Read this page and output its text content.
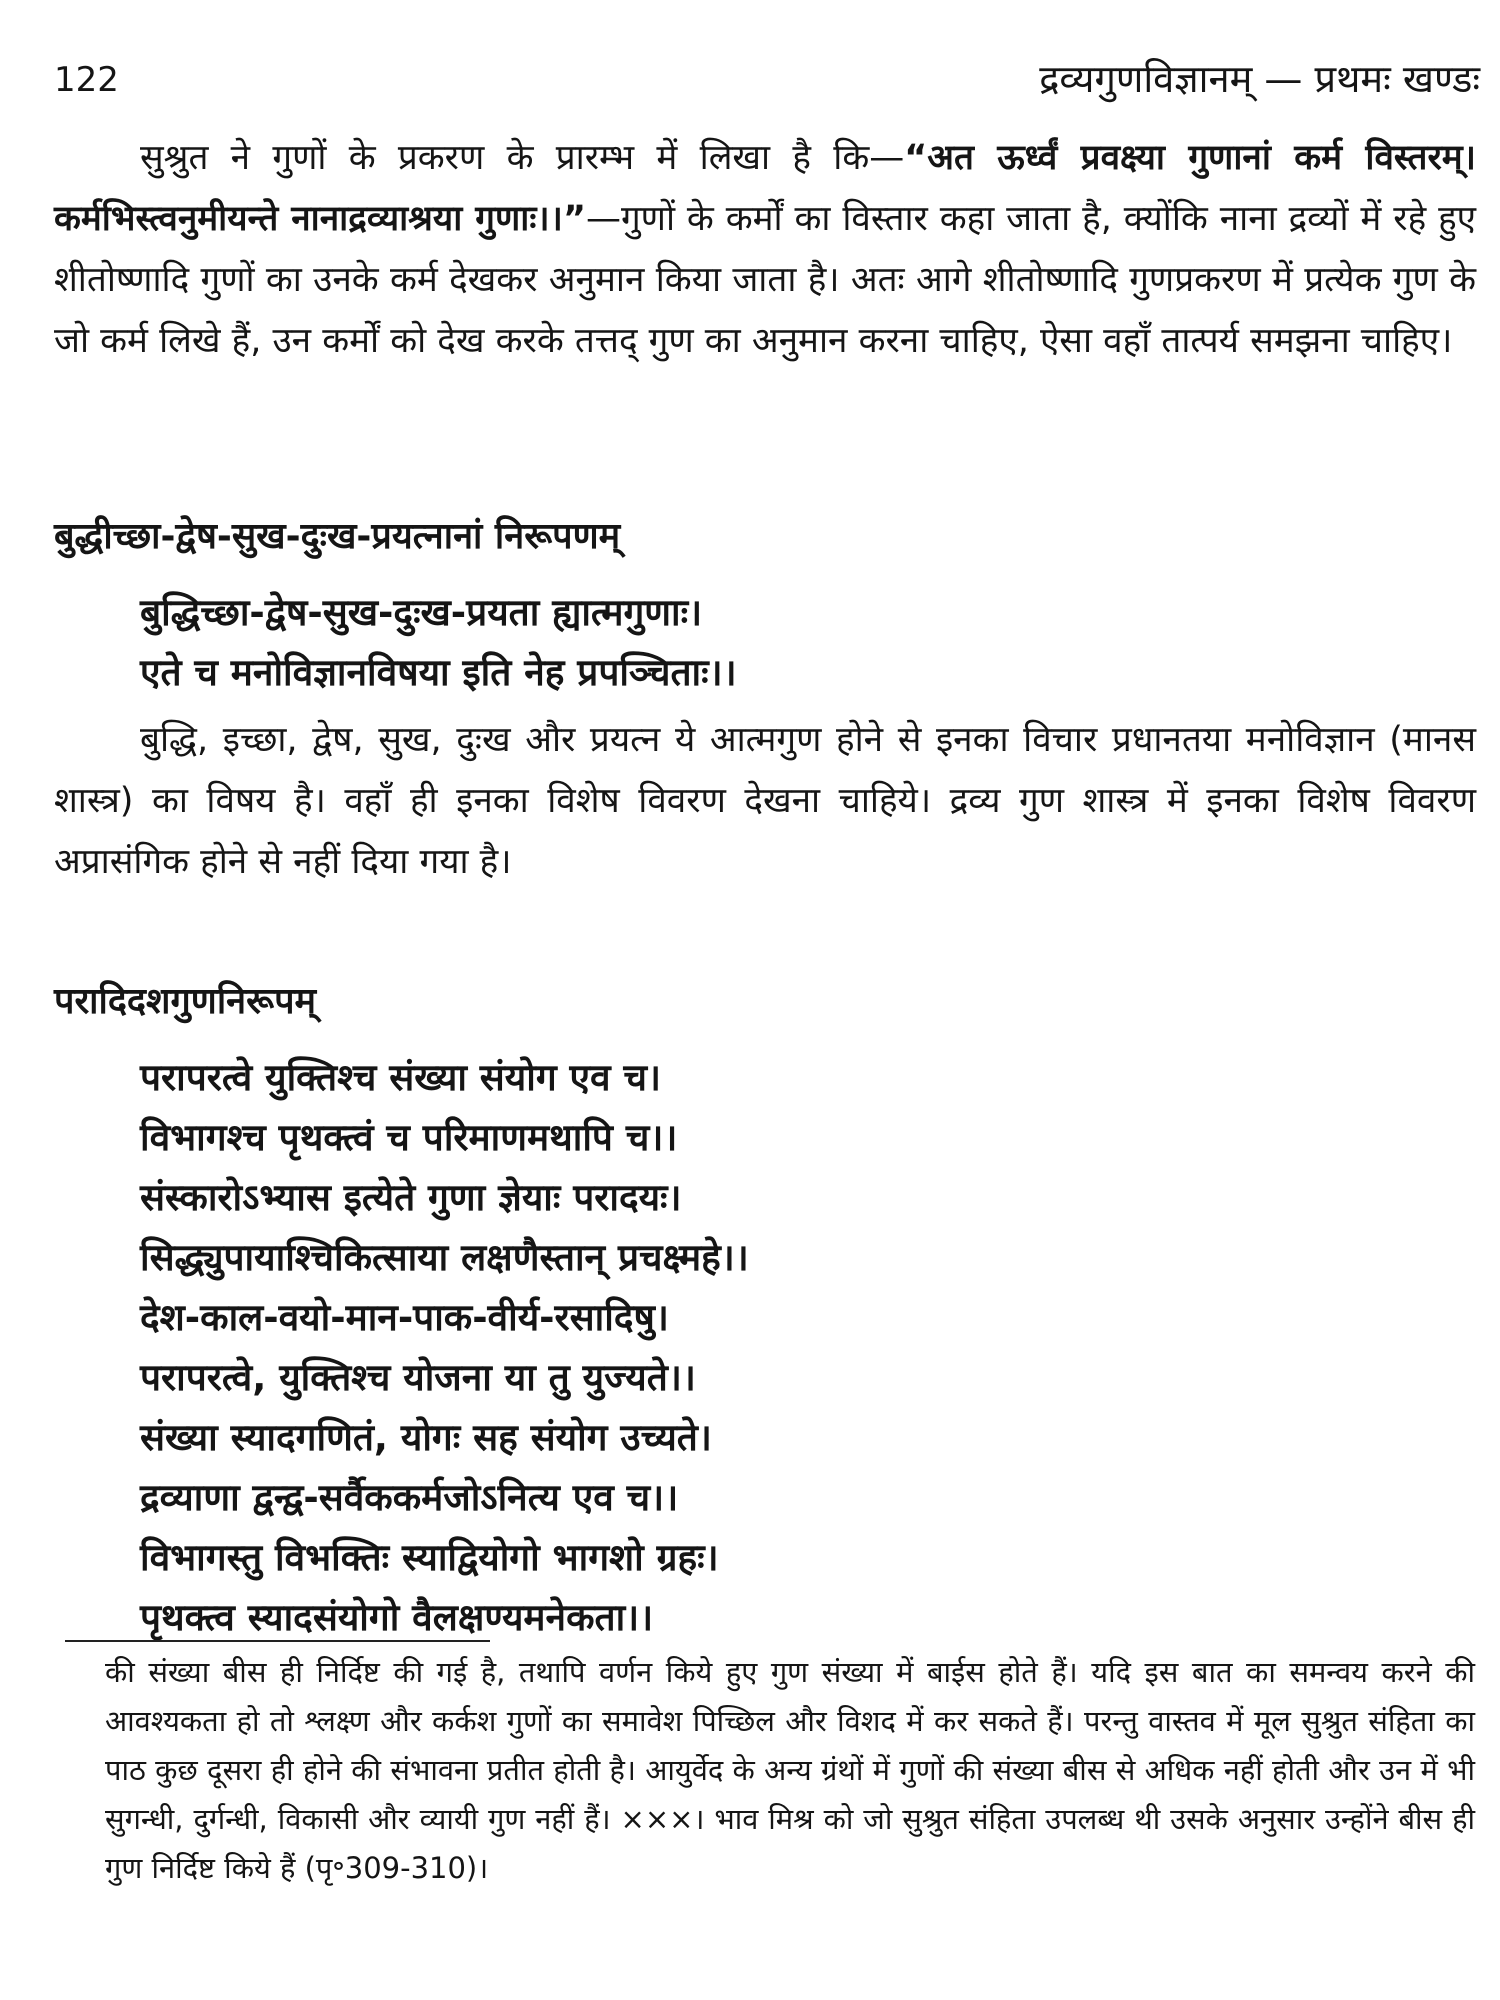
122	द्रव्यगुणविज्ञानम् — प्रथमः खण्डः

सुश्रुत ने गुणों के प्रकरण के प्रारम्भ में लिखा है कि—“अत ऊर्ध्वं प्रवक्ष्या गुणानां कर्म विस्तरम्। कर्मभिस्त्वनुमीयन्ते नानाद्रव्याश्रया गुणाः।।”—गुणों के कर्मों का विस्तार कहा जाता है, क्योंकि नाना द्रव्यों में रहे हुए शीतोष्णादि गुणों का उनके कर्म देखकर अनुमान किया जाता है। अतः आगे शीतोष्णादि गुणप्रकरण में प्रत्येक गुण के जो कर्म लिखे हैं, उन कर्मों को देख करके तत्तद् गुण का अनुमान करना चाहिए, ऐसा वहाँ तात्पर्य समझना चाहिए।

बुद्धीच्छा-द्वेष-सुख-दुःख-प्रयत्नानां निरूपणम्
बुद्धिच्छा-द्वेष-सुख-दुःख-प्रयता ह्यात्मगुणाः।
एते च मनोविज्ञानविषया इति नेह प्रपञ्चिताः।।

बुद्धि, इच्छा, द्वेष, सुख, दुःख और प्रयत्न ये आत्मगुण होने से इनका विचार प्रधानतया मनोविज्ञान (मानस शास्त्र) का विषय है। वहाँ ही इनका विशेष विवरण देखना चाहिये। द्रव्य गुण शास्त्र में इनका विशेष विवरण अप्रासंगिक होने से नहीं दिया गया है।

परादिदशगुणनिरूपम्
परापरत्वे युक्तिश्च संख्या संयोग एव च।
विभागश्च पृथक्त्वं च परिमाणमथापि च।।
संस्कारोऽभ्यास इत्येते गुणा ज्ञेयाः परादयः।
सिद्ध्युपायाश्चिकित्साया लक्षणैस्तान् प्रचक्ष्महे।।
देश-काल-वयो-मान-पाक-वीर्य-रसादिषु।
परापरत्वे, युक्तिश्च योजना या तु युज्यते।।
संख्या स्यादगणितं, योगः सह संयोग उच्यते।
द्रव्याणा द्वन्द्व-सर्वैककर्मजोऽनित्य एव च।।
विभागस्तु विभक्तिः स्याद्वियोगो भागशो ग्रहः।
पृथक्त्व स्यादसंयोगो वैलक्षण्यमनेकता।।

की संख्या बीस ही निर्दिष्ट की गई है, तथापि वर्णन किये हुए गुण संख्या में बाईस होते हैं। यदि इस बात का समन्वय करने की आवश्यकता हो तो श्लक्ष्ण और कर्कश गुणों का समावेश पिच्छिल और विशद में कर सकते हैं। परन्तु वास्तव में मूल सुश्रुत संहिता का पाठ कुछ दूसरा ही होने की संभावना प्रतीत होती है। आयुर्वेद के अन्य ग्रंथों में गुणों की संख्या बीस से अधिक नहीं होती और उन में भी सुगन्धी, दुर्गन्धी, विकासी और व्यायी गुण नहीं हैं। ×××। भाव मिश्र को जो सुश्रुत संहिता उपलब्ध थी उसके अनुसार उन्होंने बीस ही गुण निर्दिष्ट किये हैं (पृ॰309-310)।
